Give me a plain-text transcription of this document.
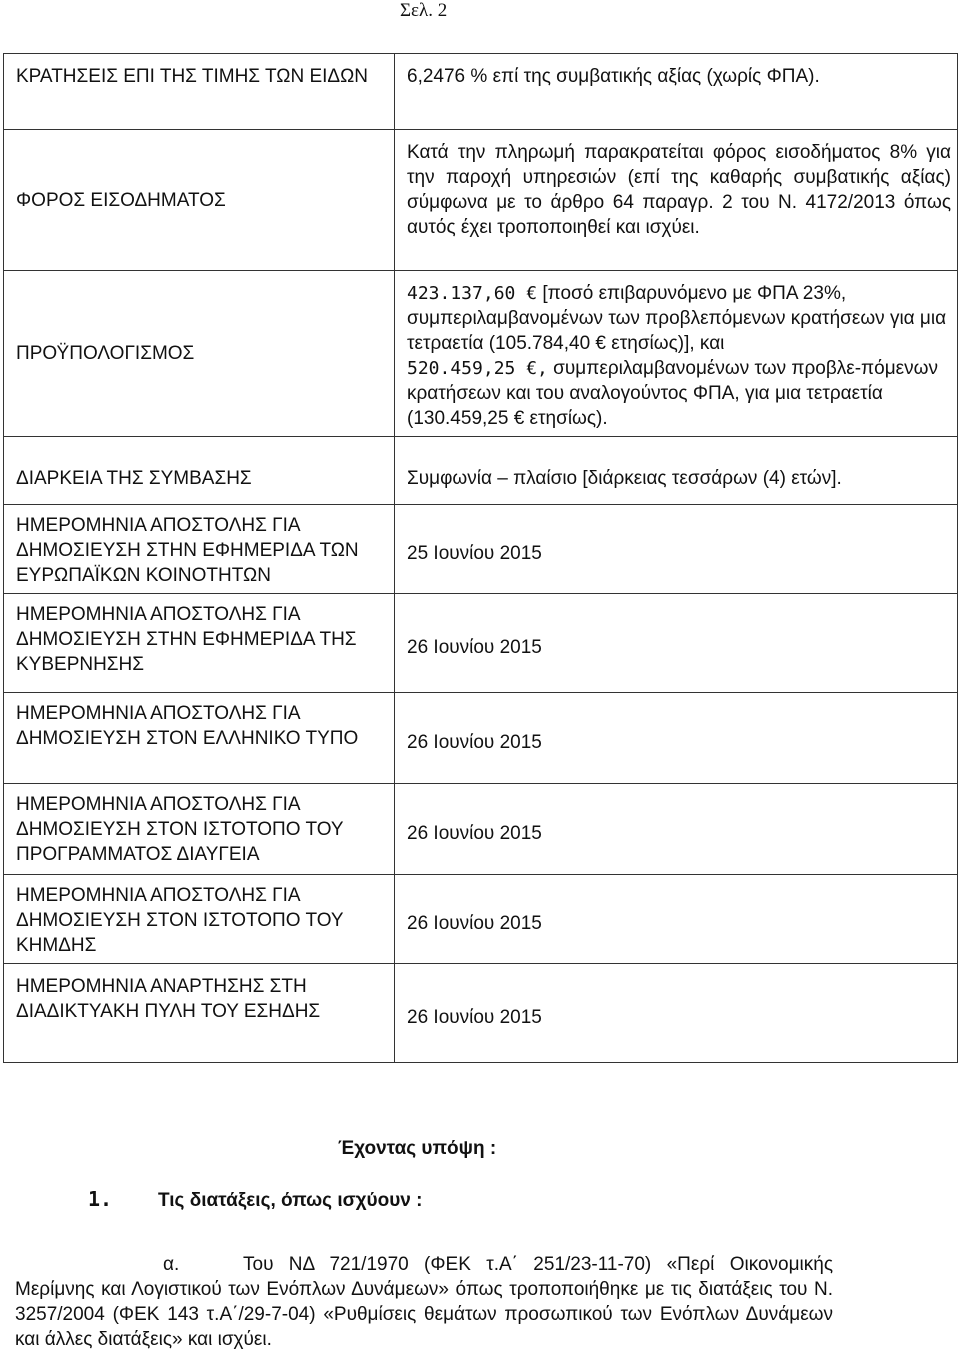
Σελ. 2
ΚΡΑΤΗΣΕΙΣ ΕΠΙ ΤΗΣ ΤΙΜΗΣ ΤΩΝ ΕΙΔΩΝ	6,2476 % επί της συμβατικής αξίας (χωρίς ΦΠΑ).
ΦΟΡΟΣ ΕΙΣΟΔΗΜΑΤΟΣ	Κατά την πληρωμή παρακρατείται φόρος εισοδήματος 8% για την παροχή υπηρεσιών (επί της καθαρής συμβατικής αξίας) σύμφωνα με το άρθρο 64 παραγρ. 2 του Ν. 4172/2013 όπως αυτός έχει τροποποιηθεί και ισχύει.
ΠΡΟΫΠΟΛΟΓΙΣΜΟΣ	423.137,60 € [ποσό επιβαρυνόμενο με ΦΠΑ 23%, συμπεριλαμβανομένων των προβλεπόμενων κρατήσεων για μια τετραετία (105.784,40 € ετησίως)], και
520.459,25 €, συμπεριλαμβανομένων των προβλε-πόμενων κρατήσεων και του αναλογούντος ΦΠΑ, για μια τετραετία (130.459,25 € ετησίως).
ΔΙΑΡΚΕΙΑ ΤΗΣ ΣΥΜΒΑΣΗΣ	Συμφωνία – πλαίσιο [διάρκειας τεσσάρων (4) ετών].
ΗΜΕΡΟΜΗΝΙΑ ΑΠΟΣΤΟΛΗΣ ΓΙΑ ΔΗΜΟΣΙΕΥΣΗ ΣΤΗΝ ΕΦΗΜΕΡΙΔΑ ΤΩΝ ΕΥΡΩΠΑΪΚΩΝ ΚΟΙΝΟΤΗΤΩΝ	25 Ιουνίου 2015
ΗΜΕΡΟΜΗΝΙΑ ΑΠΟΣΤΟΛΗΣ ΓΙΑ ΔΗΜΟΣΙΕΥΣΗ ΣΤΗΝ ΕΦΗΜΕΡΙΔΑ ΤΗΣ ΚΥΒΕΡΝΗΣΗΣ	26 Ιουνίου 2015
ΗΜΕΡΟΜΗΝΙΑ ΑΠΟΣΤΟΛΗΣ ΓΙΑ ΔΗΜΟΣΙΕΥΣΗ ΣΤΟΝ ΕΛΛΗΝΙΚΟ ΤΥΠΟ	26 Ιουνίου 2015
ΗΜΕΡΟΜΗΝΙΑ ΑΠΟΣΤΟΛΗΣ ΓΙΑ ΔΗΜΟΣΙΕΥΣΗ ΣΤΟΝ ΙΣΤΟΤΟΠΟ ΤΟΥ ΠΡΟΓΡΑΜΜΑΤΟΣ ΔΙΑΥΓΕΙΑ	26 Ιουνίου 2015
ΗΜΕΡΟΜΗΝΙΑ ΑΠΟΣΤΟΛΗΣ ΓΙΑ ΔΗΜΟΣΙΕΥΣΗ ΣΤΟΝ ΙΣΤΟΤΟΠΟ ΤΟΥ ΚΗΜΔΗΣ	26 Ιουνίου 2015
ΗΜΕΡΟΜΗΝΙΑ ΑΝΑΡΤΗΣΗΣ ΣΤΗ ΔΙΑΔΙΚΤΥΑΚΗ ΠΥΛΗ ΤΟΥ ΕΣΗΔΗΣ	26 Ιουνίου 2015
Έχοντας υπόψη :
1. Τις διατάξεις, όπως ισχύουν :
α.	Του ΝΔ 721/1970 (ΦΕΚ τ.Α΄ 251/23-11-70) «Περί Οικονομικής Μερίμνης και Λογιστικού των Ενόπλων Δυνάμεων» όπως τροποποιήθηκε με τις διατάξεις του Ν. 3257/2004 (ΦΕΚ 143 τ.Α΄/29-7-04) «Ρυθμίσεις θεμάτων προσωπικού των Ενόπλων Δυνάμεων και άλλες διατάξεις» και ισχύει.
